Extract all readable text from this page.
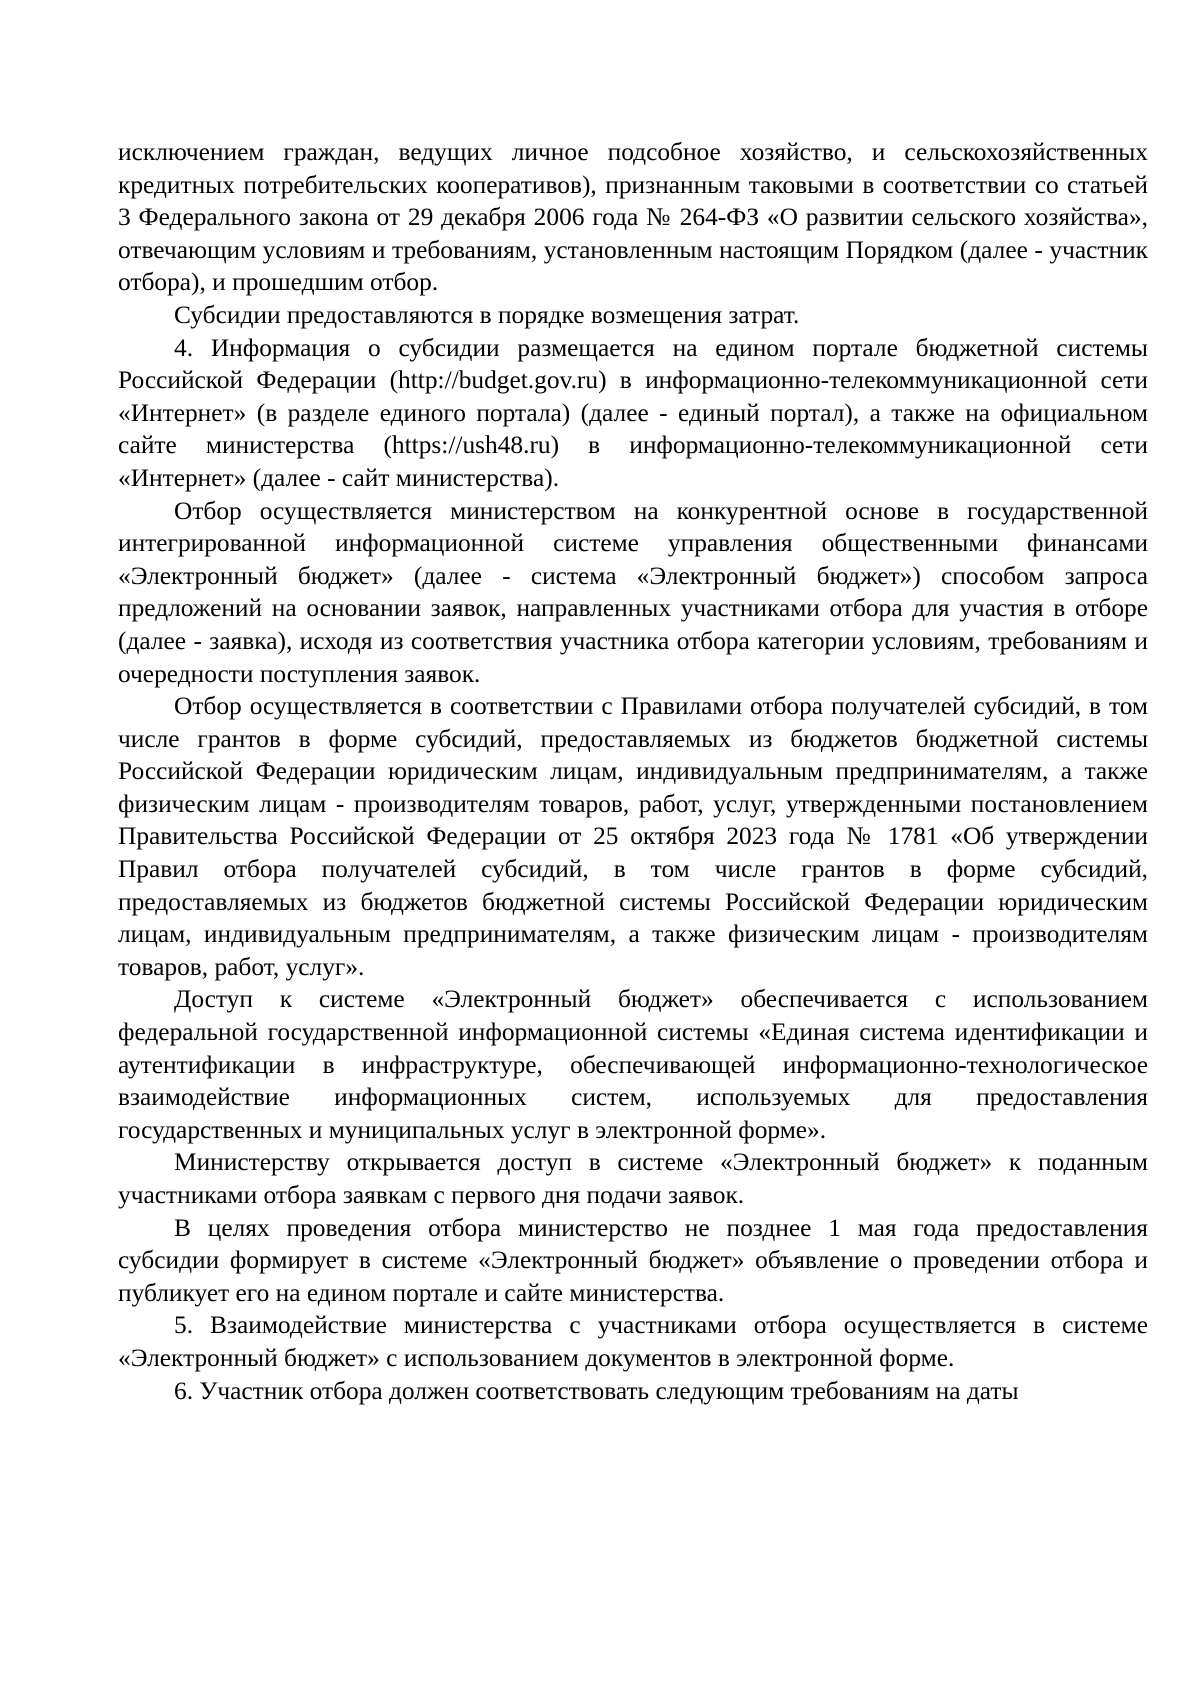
исключением граждан, ведущих личное подсобное хозяйство, и сельскохозяйственных кредитных потребительских кооперативов), признанным таковыми в соответствии со статьей 3 Федерального закона от 29 декабря 2006 года № 264-ФЗ «О развитии сельского хозяйства», отвечающим условиям и требованиям, установленным настоящим Порядком (далее - участник отбора), и прошедшим отбор.

Субсидии предоставляются в порядке возмещения затрат.

4. Информация о субсидии размещается на едином портале бюджетной системы Российской Федерации (http://budget.gov.ru) в информационно-телекоммуникационной сети «Интернет» (в разделе единого портала) (далее - единый портал), а также на официальном сайте министерства (https://ush48.ru) в информационно-телекоммуникационной сети «Интернет» (далее - сайт министерства).

Отбор осуществляется министерством на конкурентной основе в государственной интегрированной информационной системе управления общественными финансами «Электронный бюджет» (далее - система «Электронный бюджет») способом запроса предложений на основании заявок, направленных участниками отбора для участия в отборе (далее - заявка), исходя из соответствия участника отбора категории условиям, требованиям и очередности поступления заявок.

Отбор осуществляется в соответствии с Правилами отбора получателей субсидий, в том числе грантов в форме субсидий, предоставляемых из бюджетов бюджетной системы Российской Федерации юридическим лицам, индивидуальным предпринимателям, а также физическим лицам - производителям товаров, работ, услуг, утвержденными постановлением Правительства Российской Федерации от 25 октября 2023 года № 1781 «Об утверждении Правил отбора получателей субсидий, в том числе грантов в форме субсидий, предоставляемых из бюджетов бюджетной системы Российской Федерации юридическим лицам, индивидуальным предпринимателям, а также физическим лицам - производителям товаров, работ, услуг».

Доступ к системе «Электронный бюджет» обеспечивается с использованием федеральной государственной информационной системы «Единая система идентификации и аутентификации в инфраструктуре, обеспечивающей информационно-технологическое взаимодействие информационных систем, используемых для предоставления государственных и муниципальных услуг в электронной форме».

Министерству открывается доступ в системе «Электронный бюджет» к поданным участниками отбора заявкам с первого дня подачи заявок.

В целях проведения отбора министерство не позднее 1 мая года предоставления субсидии формирует в системе «Электронный бюджет» объявление о проведении отбора и публикует его на едином портале и сайте министерства.

5. Взаимодействие министерства с участниками отбора осуществляется в системе «Электронный бюджет» с использованием документов в электронной форме.

6. Участник отбора должен соответствовать следующим требованиям на даты
